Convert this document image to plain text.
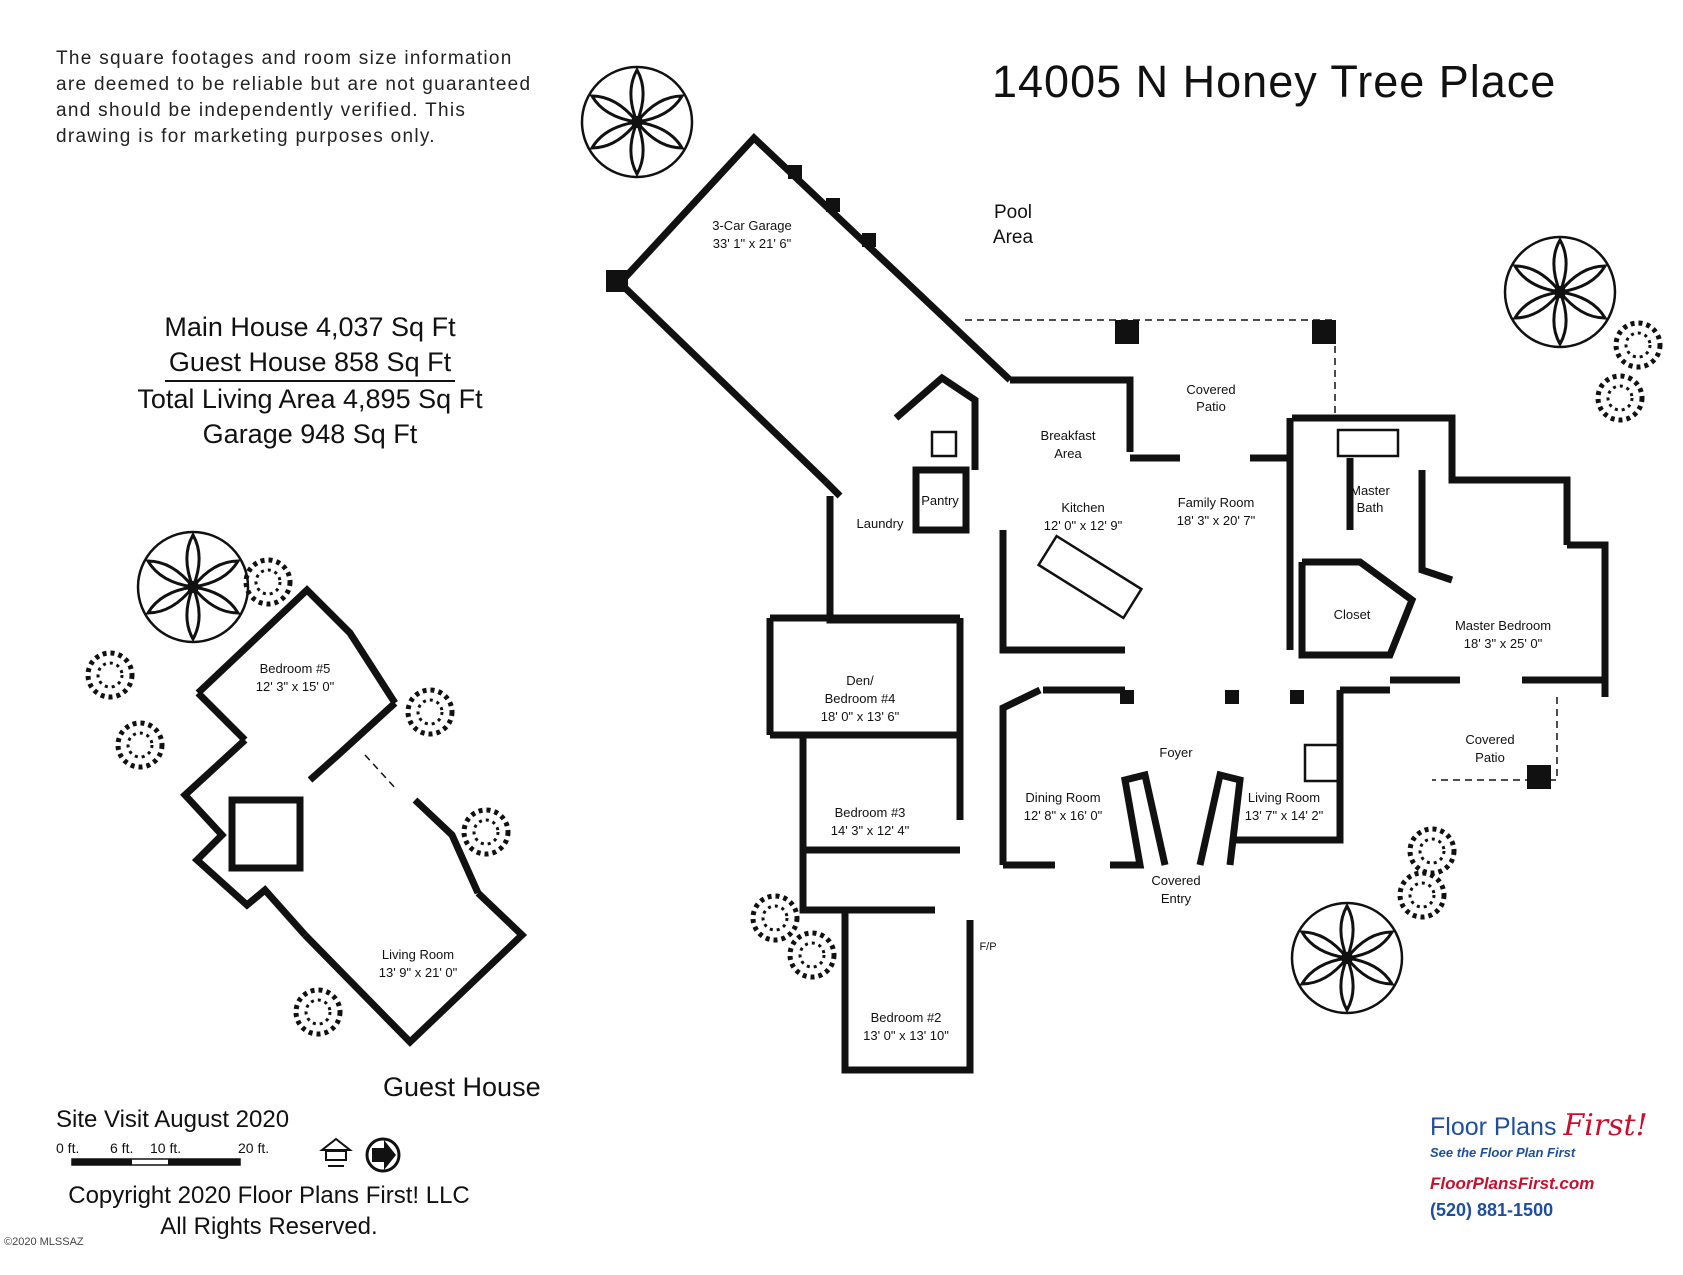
The square footages and room size information
are deemed to be reliable but are not guaranteed
and should be independently verified. This
drawing is for marketing purposes only.
14005 N Honey Tree Place
Main House 4,037 Sq Ft
Guest House 858 Sq Ft
Total Living Area 4,895 Sq Ft
Garage 948 Sq Ft
3-Car Garage
33' 1" x 21' 6"
Pool
Area
Covered
Patio
Breakfast
Area
Pantry
Laundry
Kitchen
12' 0" x 12' 9"
Family Room
18' 3" x 20' 7"
Master
Bath
Closet
Master Bedroom
18' 3" x 25' 0"
Den/
Bedroom #4
18' 0" x 13' 6"
Foyer
Covered
Patio
Bedroom #3
14' 3" x 12' 4"
Dining Room
12' 8" x 16' 0"
Living Room
13' 7" x 14' 2"
Covered
Entry
F/P
Bedroom #2
13' 0" x 13' 10"
Bedroom #5
12' 3" x 15' 0"
Living Room
13' 9" x 21' 0"
0 ft. 6 ft. 10 ft.	20 ft.
Guest House
Site Visit August 2020
Copyright 2020 Floor Plans First! LLC
All Rights Reserved.
©2020 MLSSAZ
Floor Plans First!
See the Floor Plan First
FloorPlansFirst.com
(520) 881-1500
